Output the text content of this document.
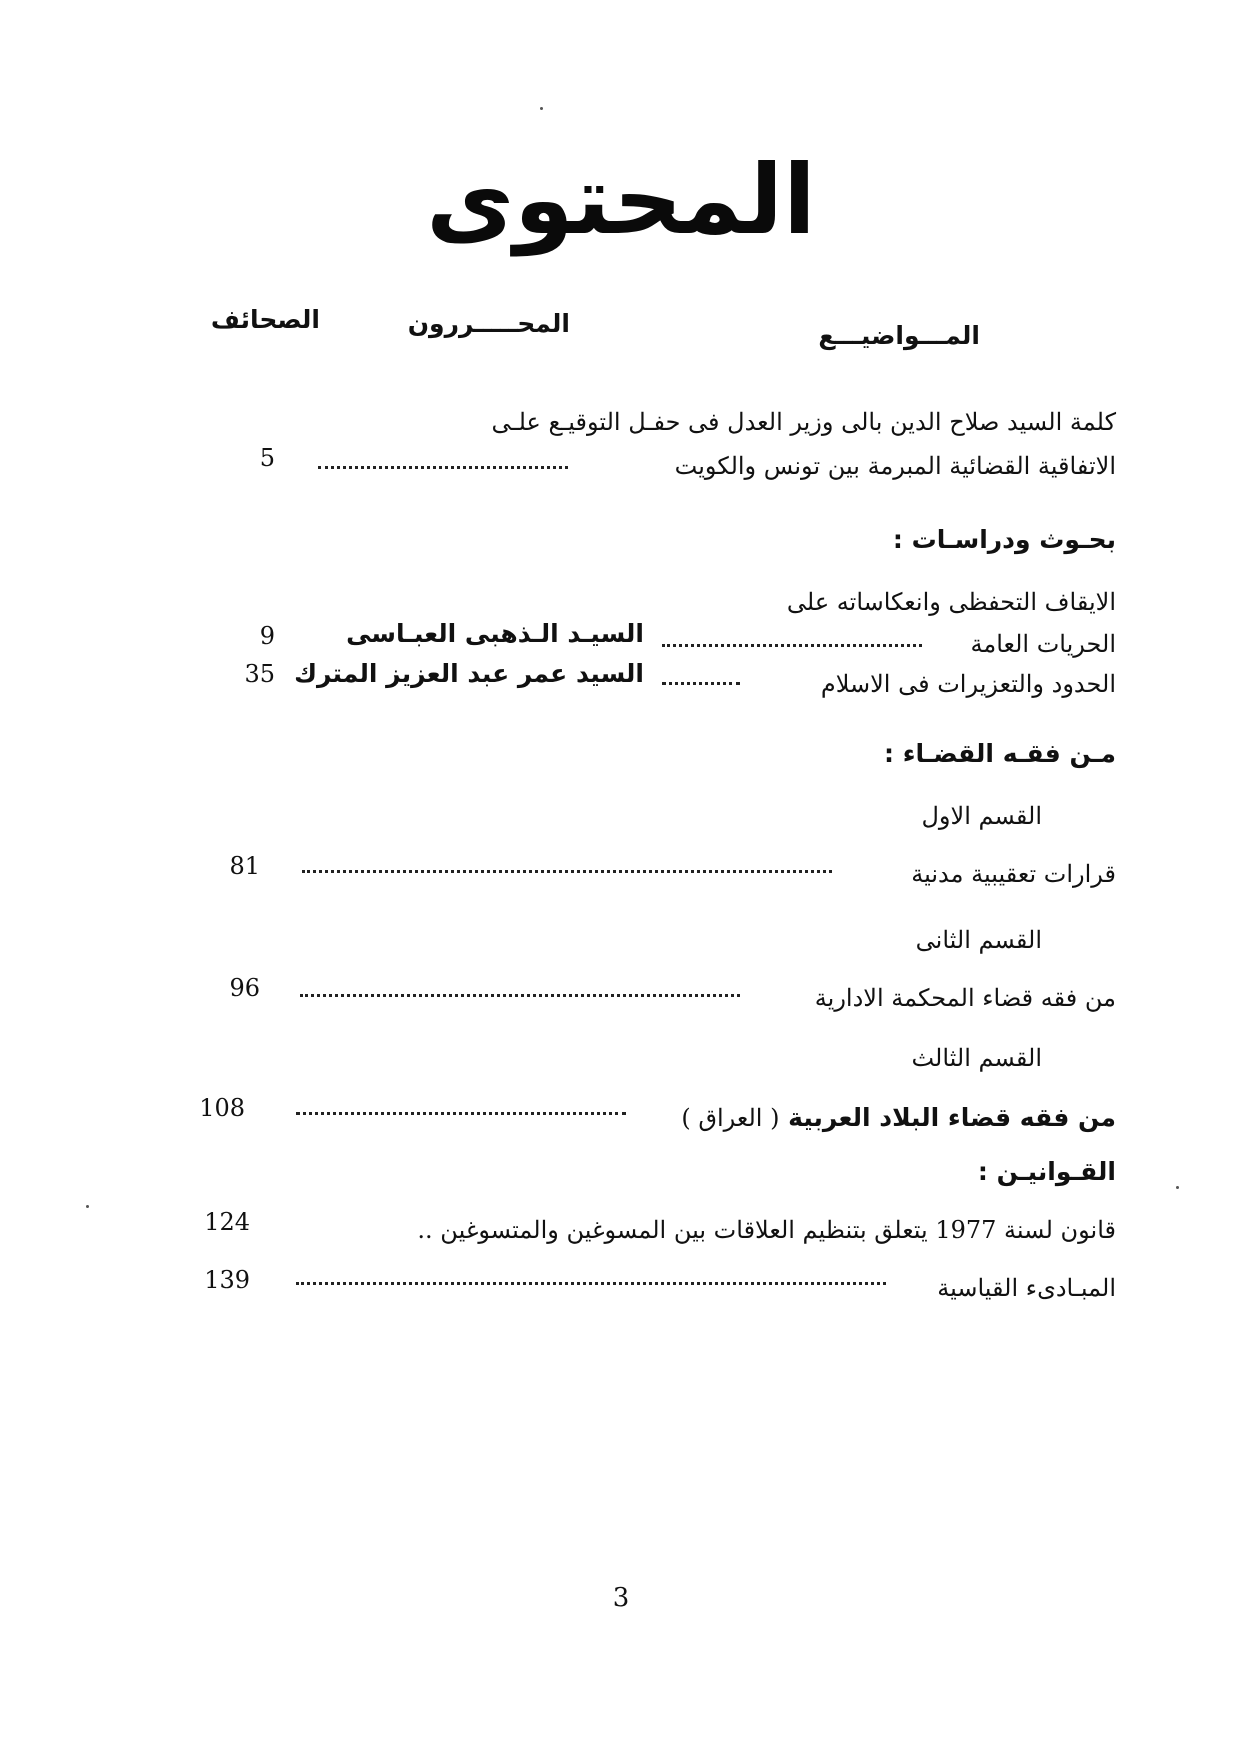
المحتوى
المـــواضيـــع
المحـــــررون
الصحائف
كلمة السيد صلاح الدين بالى وزير العدل فى حفـل التوقيـع علـى
الاتفاقية القضائية المبرمة بين تونس والكويت
5
بحـوث ودراسـات :
الايقاف التحفظى وانعكاساته على
الحريات العامة
السيـد الـذهبى العبـاسى
9
الحدود والتعزيرات فى الاسلام
السيد عمر عبد العزيز المترك
35
مـن فقـه القضـاء :
القسم الاول
قرارات تعقيبية مدنية
81
القسم الثانى
من فقه قضاء المحكمة الادارية
96
القسم الثالث
من فقه قضاء البلاد العربية ( العراق )
108
القـوانيـن :
قانون لسنة 1977 يتعلق بتنظيم العلاقات بين المسوغين والمتسوغين ..
124
المبـادىء القياسية
139
3
